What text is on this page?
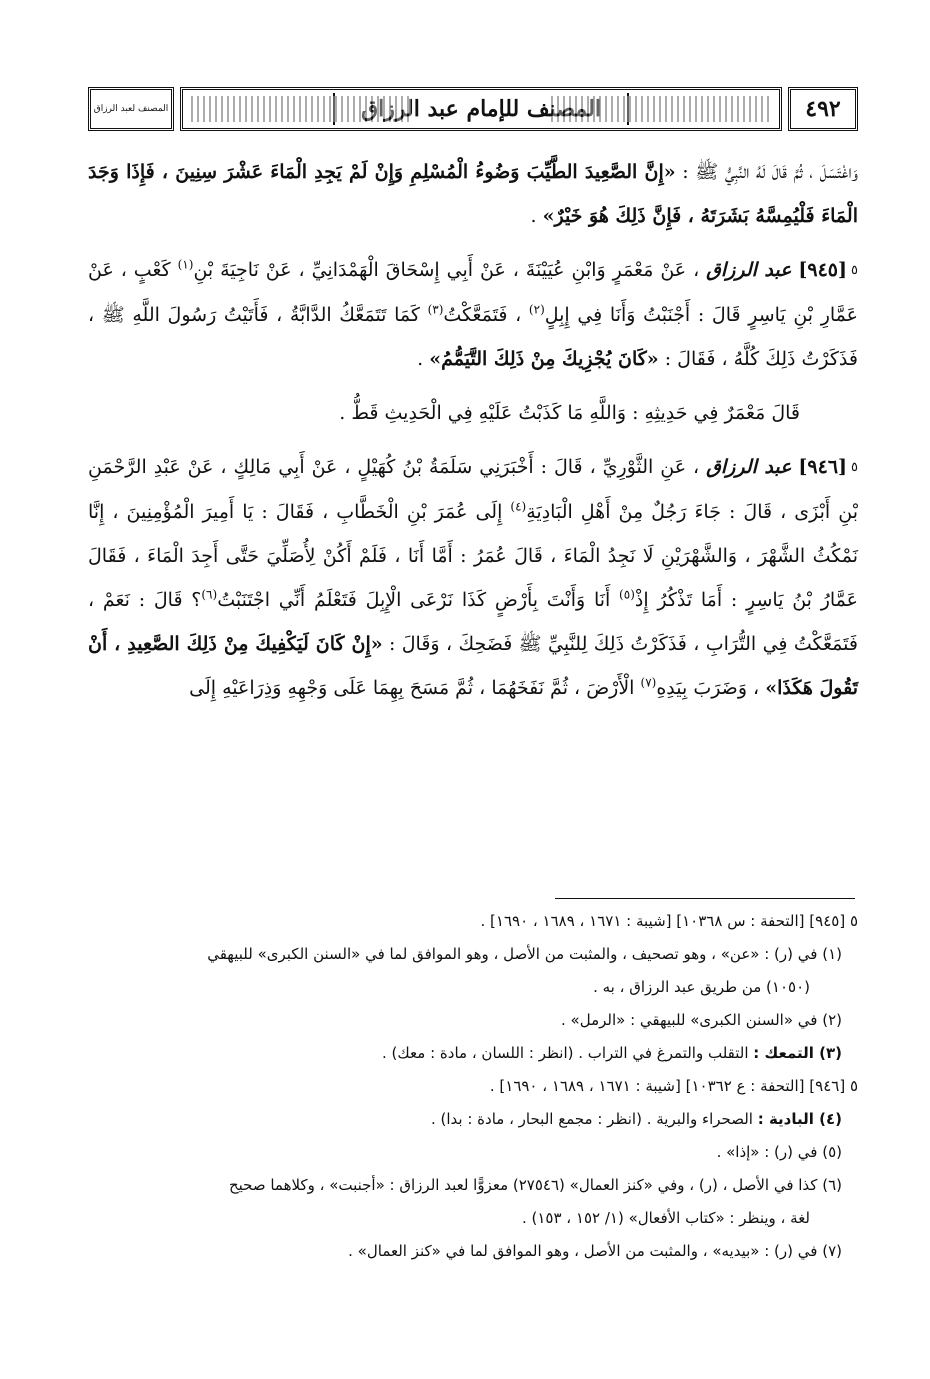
٤٩٢
المصنف للإمام عبد الرزاق
المصنف لعبد الرزاق

وَاغْتَسَلَ ، ثُمَّ قَالَ لَهُ النَّبِيُّ ﷺ : «إِنَّ الصَّعِيدَ الطَّيِّبَ وَضُوءُ الْمُسْلِمِ وَإِنْ لَمْ يَجِدِ الْمَاءَ عَشْرَ سِنِينَ ، فَإِذَا وَجَدَ الْمَاءَ فَلْيُمِسَّهُ بَشَرَتَهُ ، فَإِنَّ ذَلِكَ هُوَ خَيْرٌ» .

٥[٩٤٥] عبد الرزاق ، عَنْ مَعْمَرٍ وَابْنِ عُيَيْنَةَ ، عَنْ أَبِي إِسْحَاقَ الْهَمْدَانِيِّ ، عَنْ نَاجِيَةَ بْنِ$^{(١)}$ كَعْبٍ ، عَنْ عَمَّارِ بْنِ يَاسِرٍ قَالَ : أَجْنَبْتُ وَأَنَا فِي إِبِلٍ$^{(٢)}$ ، فَتَمَعَّكْتُ$^{(٣)}$ كَمَا تَتَمَعَّكُ الدَّابَّةُ ، فَأَتَيْتُ رَسُولَ اللَّهِ ﷺ ، فَذَكَرْتُ ذَلِكَ كُلَّهُ ، فَقَالَ : «كَانَ يُجْزِيكَ مِنْ ذَلِكَ التَّيَمُّمُ» .

قَالَ مَعْمَرٌ فِي حَدِيثِهِ : وَاللَّهِ مَا كَذَبْتُ عَلَيْهِ فِي الْحَدِيثِ قَطُّ .

٥[٩٤٦] عبد الرزاق ، عَنِ الثَّوْرِيِّ ، قَالَ : أَخْبَرَنِي سَلَمَةُ بْنُ كُهَيْلٍ ، عَنْ أَبِي مَالِكٍ ، عَنْ عَبْدِ الرَّحْمَنِ بْنِ أَبْزَى ، قَالَ : جَاءَ رَجُلٌ مِنْ أَهْلِ الْبَادِيَةِ$^{(٤)}$ إِلَى عُمَرَ بْنِ الْخَطَّابِ ، فَقَالَ : يَا أَمِيرَ الْمُؤْمِنِينَ ، إِنَّا نَمْكُثُ الشَّهْرَ ، وَالشَّهْرَيْنِ لَا نَجِدُ الْمَاءَ ، قَالَ عُمَرُ : أَمَّا أَنَا ، فَلَمْ أَكُنْ لِأُصَلِّيَ حَتَّى أَجِدَ الْمَاءَ ، فَقَالَ عَمَّارُ بْنُ يَاسِرٍ : أَمَا تَذْكُرُ إِذْ$^{(٥)}$ أَنَا وَأَنْتَ بِأَرْضٍ كَذَا نَرْعَى الْإِبِلَ فَتَعْلَمُ أَنِّي اجْتَنَبْتُ$^{(٦)}$؟ قَالَ : نَعَمْ ، فَتَمَعَّكْتُ فِي التُّرَابِ ، فَذَكَرْتُ ذَلِكَ لِلنَّبِيِّ ﷺ فَضَحِكَ ، وَقَالَ : «إِنْ كَانَ لَيَكْفِيكَ مِنْ ذَلِكَ الصَّعِيدِ ، أَنْ تَقُولَ هَكَذَا» ، وَضَرَبَ بِيَدِهِ$^{(٧)}$ الْأَرْضَ ، ثُمَّ نَفَخَهُمَا ، ثُمَّ مَسَحَ بِهِمَا عَلَى وَجْهِهِ وَذِرَاعَيْهِ إِلَى

٥ [٩٤٥] [التحفة : س ١٠٣٦٨] [شيبة : ١٦٧١ ، ١٦٨٩ ، ١٦٩٠] .

(١) في (ر) : «عن» ، وهو تصحيف ، والمثبت من الأصل ، وهو الموافق لما في «السنن الكبرى» للبيهقي

(١٠٥٠) من طريق عبد الرزاق ، به .

(٢) في «السنن الكبرى» للبيهقي : «الرمل» .

(٣) التمعك : التقلب والتمرغ في التراب . (انظر : اللسان ، مادة : معك) .

٥ [٩٤٦] [التحفة : ع ١٠٣٦٢] [شيبة : ١٦٧١ ، ١٦٨٩ ، ١٦٩٠] .

(٤) البادية : الصحراء والبرية . (انظر : مجمع البحار ، مادة : بدا) .

(٥) في (ر) : «إذا» .

(٦) كذا في الأصل ، (ر) ، وفي «كنز العمال» (٢٧٥٤٦) معزوًّا لعبد الرزاق : «أجنبت» ، وكلاهما صحيح

لغة ، وينظر : «كتاب الأفعال» (١/ ١٥٢ ، ١٥٣) .

(٧) في (ر) : «بيديه» ، والمثبت من الأصل ، وهو الموافق لما في «كنز العمال» .
